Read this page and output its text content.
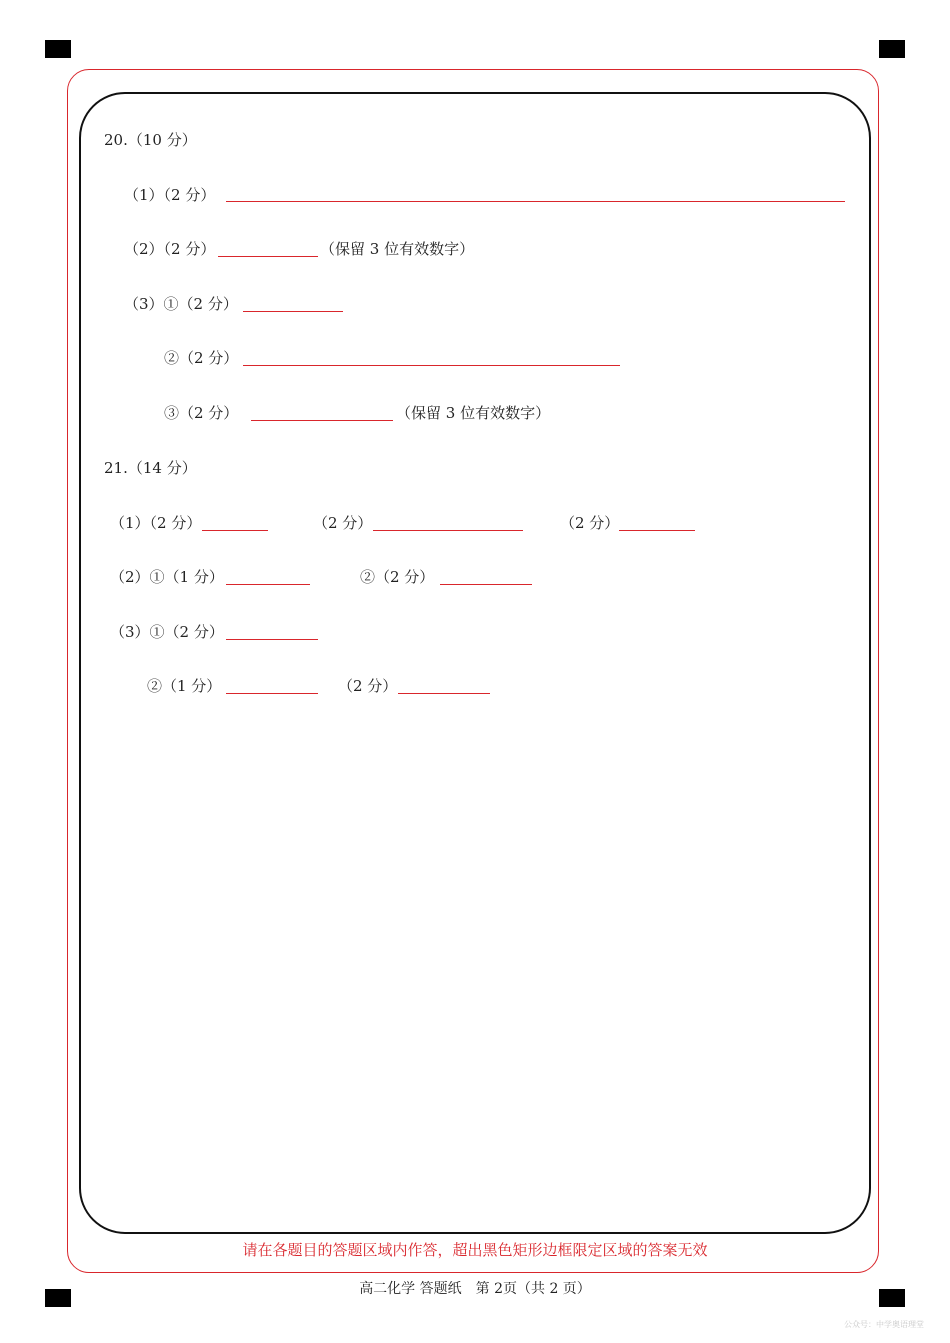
20.（10 分）
（1）（2 分）
（2）（2 分）	（保留 3 位有效数字）
（3）①（2 分）
②（2 分）
③（2 分）	（保留 3 位有效数字）
21.（14 分）
（1）（2 分）	（2 分）	（2 分）
（2）①（1 分）	②（2 分）
（3）①（2 分）
②（1 分）	（2 分）
请在各题目的答题区域内作答，超出黑色矩形边框限定区域的答案无效
高二化学 答题纸　第 2页（共 2 页）
公众号：中学奥语理堂
